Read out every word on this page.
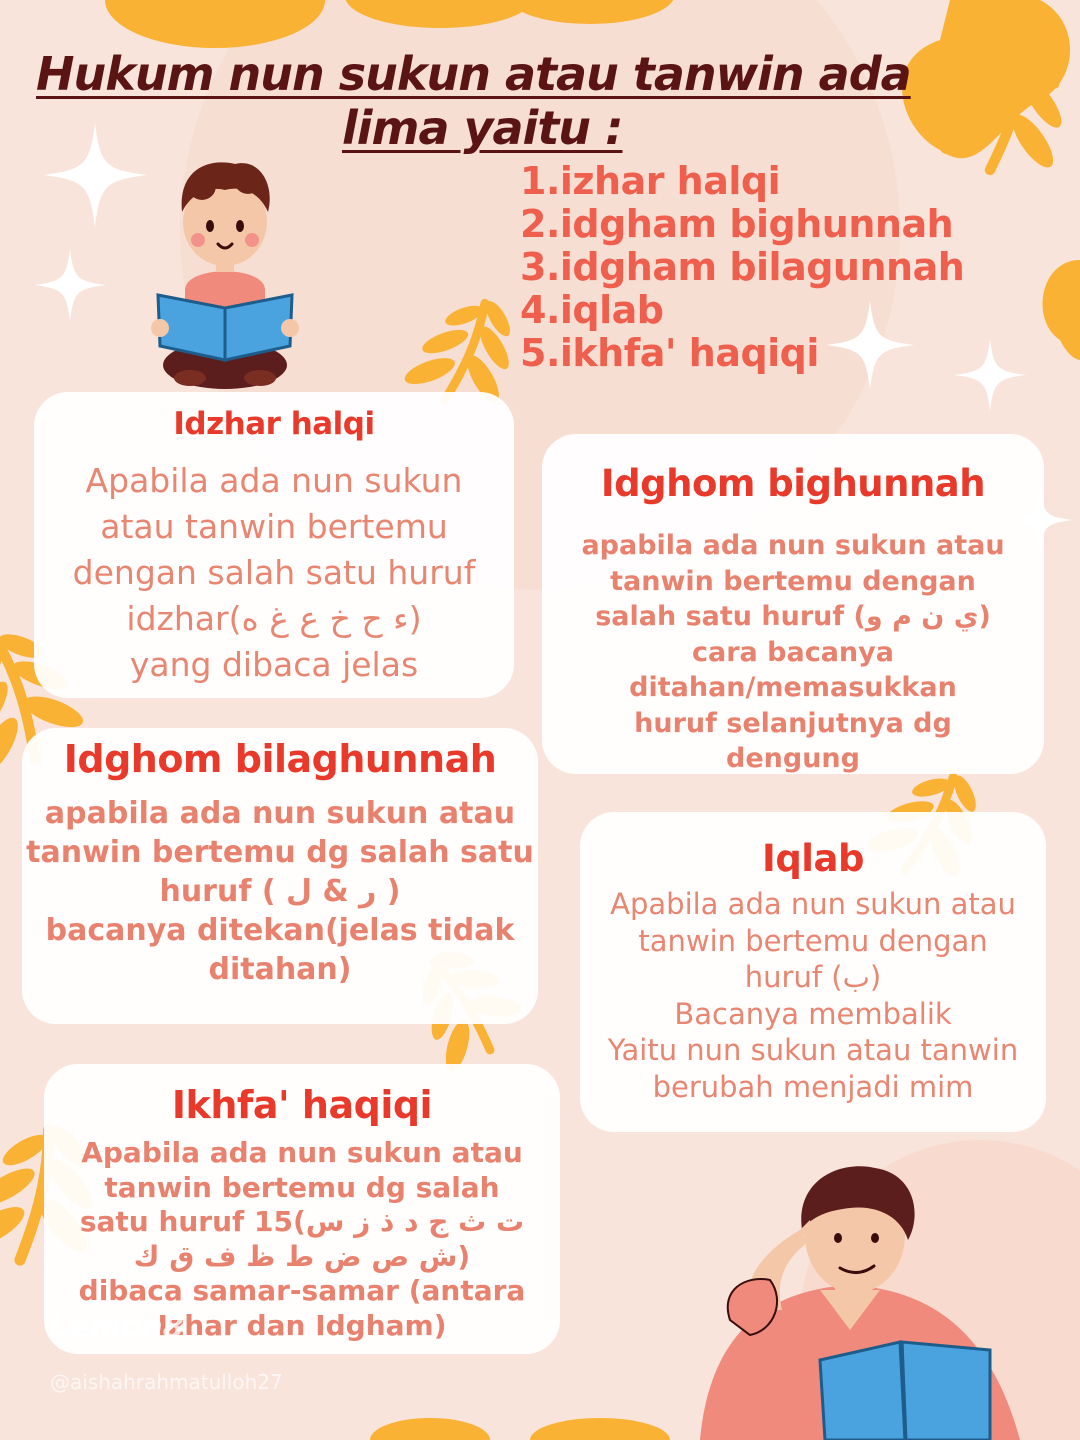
Hukum nun sukun atau tanwin ada
lima yaitu :
1.izhar halqi
2.idgham bighunnah
3.idgham bilagunnah
4.iqlab
5.ikhfa' haqiqi
Idzhar halqi

Apabila ada nun sukun
atau tanwin bertemu
dengan salah satu huruf
idzhar(ء ح خ ع غ ه)
yang dibaca jelas

Idghom bighunnah

apabila ada nun sukun atau
tanwin bertemu dengan
salah satu huruf (ي ن م و)
cara bacanya
ditahan/memasukkan
huruf selanjutnya dg
dengung

Idghom bilaghunnah

apabila ada nun sukun atau
tanwin bertemu dg salah satu
huruf ( ر & ل )
bacanya ditekan(jelas tidak
ditahan)

Iqlab

Apabila ada nun sukun atau
tanwin bertemu dengan
huruf (ب)
Bacanya membalik
Yaitu nun sukun atau tanwin
berubah menjadi mim

Ikhfa' haqiqi

Apabila ada nun sukun atau
tanwin bertemu dg salah
satu huruf 15(ت ث ج د ذ ز س
ش ص ض ط ظ ف ق ك)
dibaca samar-samar (antara
Izhar dan Idgham)

Lemon8
@aishahrahmatulloh27
